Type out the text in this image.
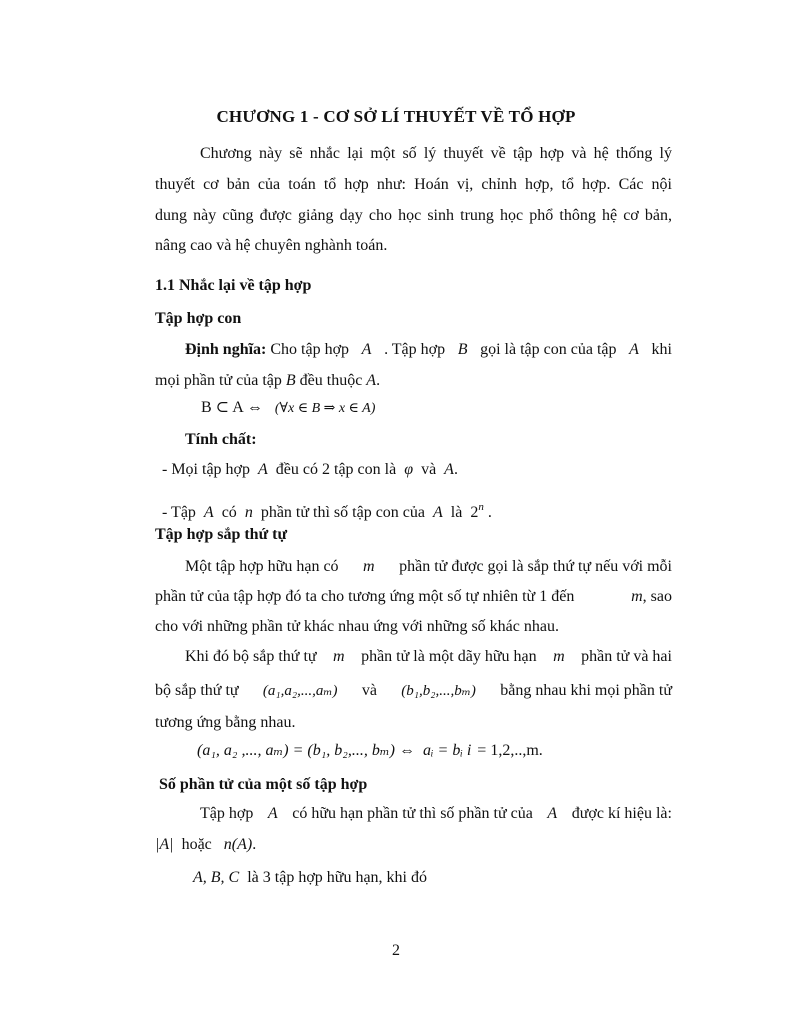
CHƯƠNG 1 - CƠ SỞ LÍ THUYẾT VỀ TỔ HỢP
Chương này sẽ nhắc lại một số lý thuyết về tập hợp và hệ thống lý
thuyết cơ bản của toán tổ hợp như: Hoán vị, chỉnh hợp, tổ hợp. Các nội
dung này cũng được giảng dạy cho học sinh trung học phổ thông hệ cơ bản,
nâng cao và hệ chuyên nghành toán.
1.1 Nhắc lại về tập hợp
Tập hợp con
Định nghĩa: Cho tập hợp A . Tập hợp B gọi là tập con của tập A khi
mọi phần tử của tập B đều thuộc A.
B ⊂ A ⇔ (∀x ∈ B ⇒ x ∈ A)
Tính chất:
- Mọi tập hợp A đều có 2 tập con là φ và A.
- Tập A có n phần tử thì số tập con của A là 2$^n$ .
Tập hợp sắp thứ tự
Một tập hợp hữu hạn có m phần tử được gọi là sắp thứ tự nếu với mỗi
phần tử của tập hợp đó ta cho tương ứng một số tự nhiên từ 1 đến	m, sao
cho với những phần tử khác nhau ứng với những số khác nhau.
Khi đó bộ sắp thứ tự m phần tử là một dãy hữu hạn m phần tử và hai
bộ sắp thứ tự (a₁,a₂,...,aₘ) và (b₁,b₂,...,bₘ) bằng nhau khi mọi phần tử
tương ứng bằng nhau.
(a₁, a₂ ,..., aₘ) = (b₁, b₂,..., bₘ) ⇔ aᵢ = bᵢ i = 1,2,..,m.
Số phần tử của một số tập hợp
Tập hợp A có hữu hạn phần tử thì số phần tử của A được kí hiệu là:
|A| hoặc n(A).
A, B, C là 3 tập hợp hữu hạn, khi đó
2
